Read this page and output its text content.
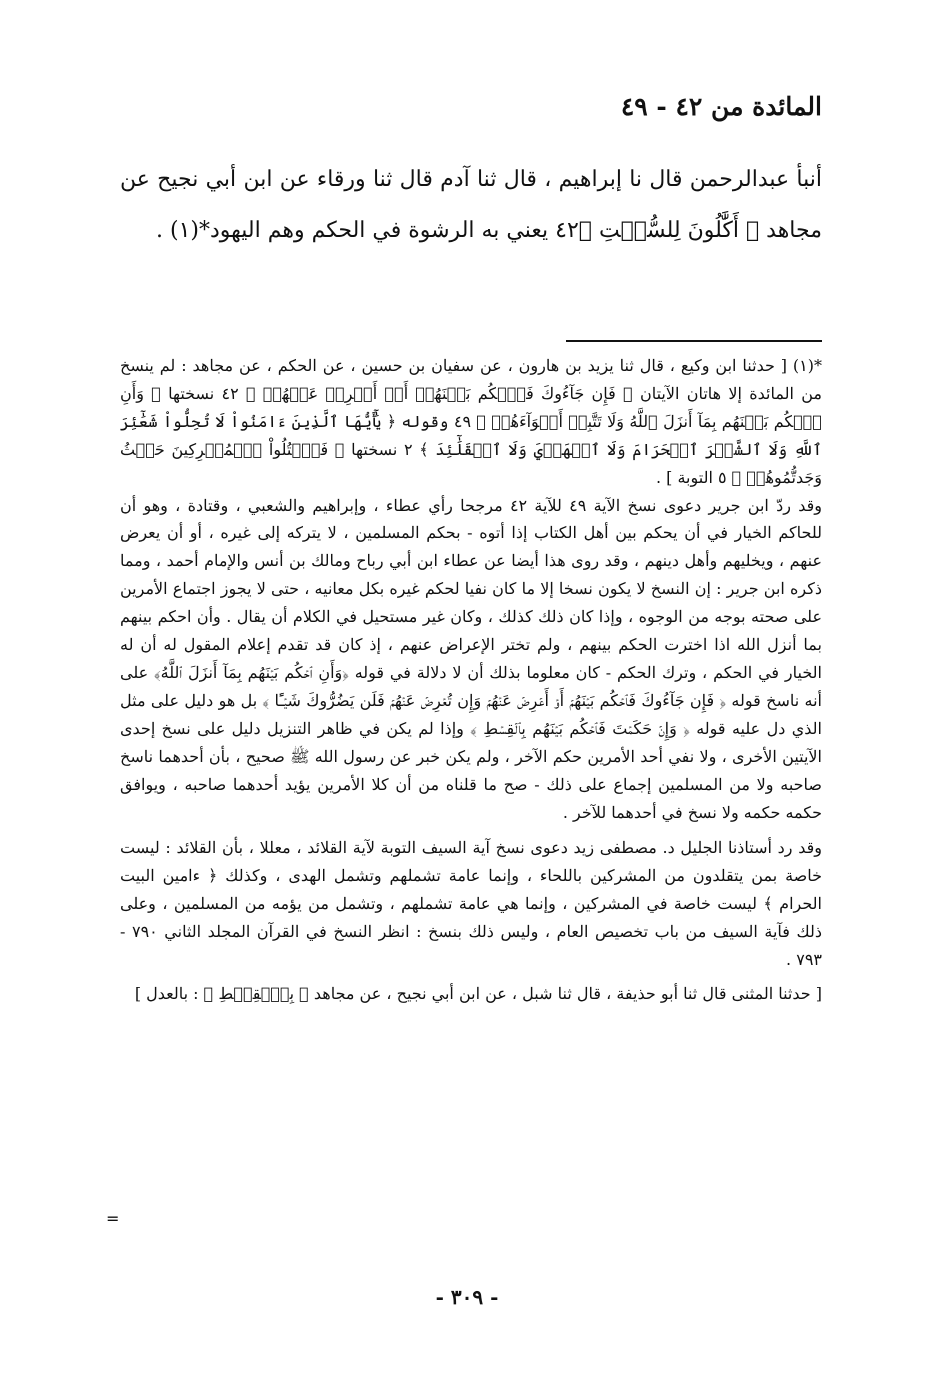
المائدة من ٤٢ - ٤٩

أنبأ عبدالرحمن قال نا إبراهيم ، قال ثنا آدم قال ثنا ورقاء عن ابن أبي نجيح عن مجاهد ﴿ أَكَّٰلُونَ لِلسُّحۡتِ ﴾٤٢ يعني به الرشوة في الحكم وهم اليهود*(١) .

*(١) [ حدثنا ابن وكيع ، قال ثنا يزيد بن هارون ، عن سفيان بن حسين ، عن الحكم ، عن مجاهد : لم ينسخ من المائدة إلا هاتان الآيتان ﴿ فَإِن جَآءُوكَ فَٱحۡكُم بَيۡنَهُمۡ أَوۡ أَعۡرِضۡ عَنۡهُمۡ ﴾ ٤٢ نسختها ﴿ وَأَنِ ٱحۡكُم بَيۡنَهُم بِمَآ أَنزَلَ ٱللَّهُ وَلَا تَتَّبِعۡ أَهۡوَآءَهُمۡ ﴾ ٤٩ وقوله ﴿ يَٰٓأَيُّهَا ٱلَّذِينَ ءَامَنُواْ لَا تُحِلُّواْ شَعَٰٓئِرَ ٱللَّهِ وَلَا ٱلشَّهۡرَ ٱلۡحَرَامَ وَلَا ٱلۡهَدۡيَ وَلَا ٱلۡقَلَٰٓئِدَ ﴾ ٢ نسختها ﴿ فَٱقۡتُلُواْ ٱلۡمُشۡرِكِينَ حَيۡثُ وَجَدتُّمُوهُمۡ ﴾ ٥ التوبة ] .

وقد ردّ ابن جرير دعوى نسخ الآية ٤٩ للآية ٤٢ مرجحا رأي عطاء ، وإبراهيم والشعبي ، وقتادة ، وهو أن للحاكم الخيار في أن يحكم بين أهل الكتاب إذا أتوه - بحكم المسلمين ، لا يتركه إلى غيره ، أو أن يعرض عنهم ، ويخليهم وأهل دينهم ، وقد روى هذا أيضا عن عطاء ابن أبي رباح ومالك بن أنس والإمام أحمد ، ومما ذكره ابن جرير : إن النسخ لا يكون نسخا إلا ما كان نفيا لحكم غيره بكل معانيه ، حتى لا يجوز اجتماع الأمرين على صحته بوجه من الوجوه ، وإذا كان ذلك كذلك ، وكان غير مستحيل في الكلام أن يقال . وأن احكم بينهم بما أنزل الله اذا اخترت الحكم بينهم ، ولم تختر الإعراض عنهم ، إذ كان قد تقدم إعلام المقول له أن له الخيار في الحكم ، وترك الحكم - كان معلوما بذلك أن لا دلالة في قوله ﴿وَأَنِ ٱحۡكُم بَيۡنَهُم بِمَآ أَنزَلَ ٱللَّهُ﴾ على أنه ناسخ قوله ﴿ فَإِن جَآءُوكَ فَٱحۡكُم بَيۡنَهُمۡ أَوۡ أَعۡرِضۡ عَنۡهُمۡ وَإِن تُعۡرِضۡ عَنۡهُمۡ فَلَن يَضُرُّوكَ شَيۡـًٔا ﴾ بل هو دليل على مثل الذي دل عليه قوله ﴿ وَإِنۡ حَكَمۡتَ فَٱحۡكُم بَيۡنَهُم بِٱلۡقِسۡطِ ﴾ وإذا لم يكن في ظاهر التنزيل دليل على نسخ إحدى الآيتين الأخرى ، ولا نفي أحد الأمرين حكم الآخر ، ولم يكن خبر عن رسول الله ﷺ صحيح ، بأن أحدهما ناسخ صاحبه ولا من المسلمين إجماع على ذلك - صح ما قلناه من أن كلا الأمرين يؤيد أحدهما صاحبه ، ويوافق حكمه حكمه ولا نسخ في أحدهما للآخر .

وقد رد أستاذنا الجليل د. مصطفى زيد دعوى نسخ آية السيف التوبة لآية القلائد ، معللا ، بأن القلائد : ليست خاصة بمن يتقلدون من المشركين باللحاء ، وإنما عامة تشملهم وتشمل الهدى ، وكذلك ﴿ ءامين البيت الحرام ﴾ ليست خاصة في المشركين ، وإنما هي عامة تشملهم ، وتشمل من يؤمه من المسلمين ، وعلى ذلك فآية السيف من باب تخصيص العام ، وليس ذلك بنسخ : انظر النسخ في القرآن المجلد الثاني ٧٩٠ - ٧٩٣ .

[ حدثنا المثنى قال ثنا أبو حذيفة ، قال ثنا شبل ، عن ابن أبي نجيح ، عن مجاهد ﴿ بِٱلۡقِسۡطِ ﴾ : بالعدل ]

=
- ٣٠٩ -
